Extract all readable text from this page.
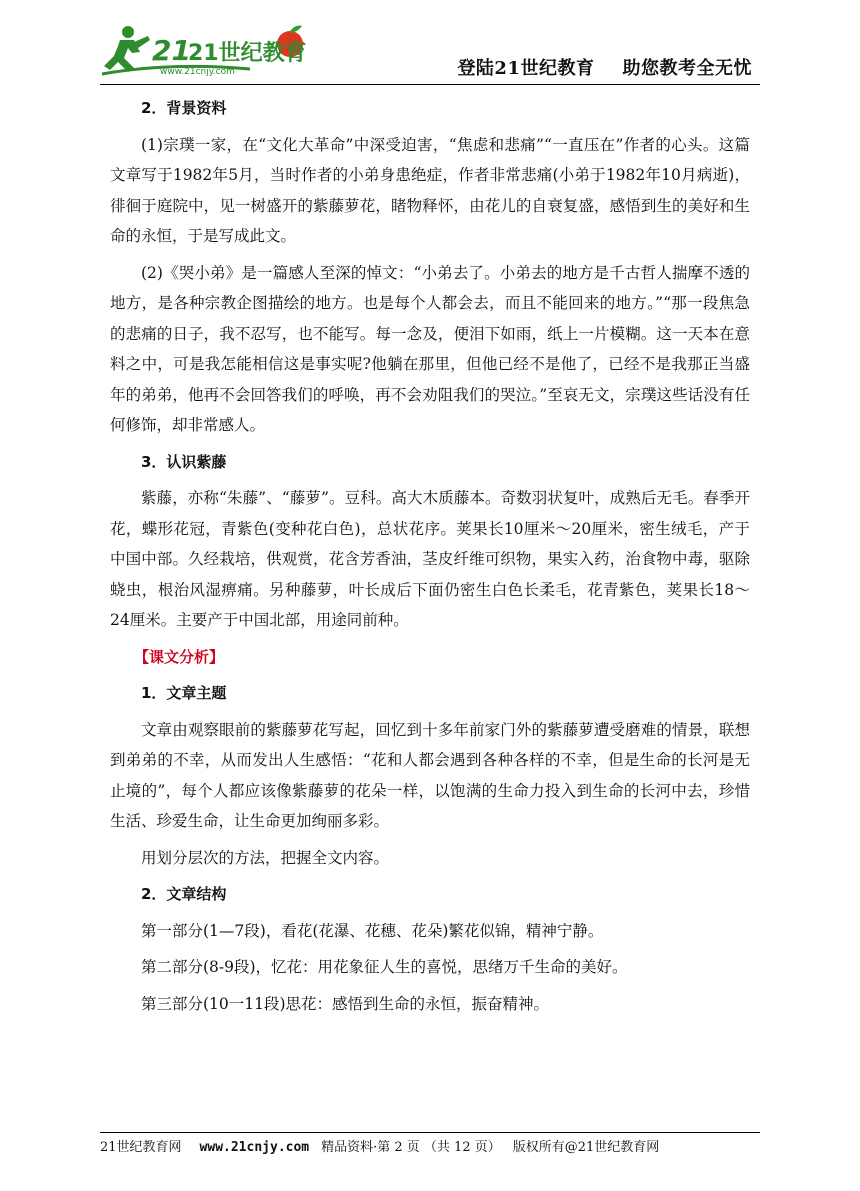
21
21世纪教育
www.21cnjy.com	登陆21世纪教育 助您教考全无忧

2．背景资料

(1)宗璞一家，在“文化大革命”中深受迫害，“焦虑和悲痛”“一直压在”作者的心头。这篇文章写于1982年5月，当时作者的小弟身患绝症，作者非常悲痛(小弟于1982年10月病逝)，徘徊于庭院中，见一树盛开的紫藤萝花，睹物释怀，由花儿的自衰复盛，感悟到生的美好和生命的永恒，于是写成此文。

(2)《哭小弟》是一篇感人至深的悼文：“小弟去了。小弟去的地方是千古哲人揣摩不透的地方，是各种宗教企图描绘的地方。也是每个人都会去，而且不能回来的地方。”“那一段焦急的悲痛的日子，我不忍写，也不能写。每一念及，便泪下如雨，纸上一片模糊。这一天本在意料之中，可是我怎能相信这是事实呢?他躺在那里，但他已经不是他了，已经不是我那正当盛年的弟弟，他再不会回答我们的呼唤，再不会劝阻我们的哭泣。”至哀无文，宗璞这些话没有任何修饰，却非常感人。

3．认识紫藤

紫藤，亦称“朱藤”、“藤萝”。豆科。高大木质藤本。奇数羽状复叶，成熟后无毛。春季开花，蝶形花冠，青紫色(变种花白色)，总状花序。荚果长10厘米～20厘米，密生绒毛，产于中国中部。久经栽培，供观赏，花含芳香油，茎皮纤维可织物，果实入药，治食物中毒，驱除蛲虫，根治风湿痹痛。另种藤萝，叶长成后下面仍密生白色长柔毛，花青紫色，荚果长18～24厘米。主要产于中国北部，用途同前种。

【课文分析】

1．文章主题

文章由观察眼前的紫藤萝花写起，回忆到十多年前家门外的紫藤萝遭受磨难的情景，联想到弟弟的不幸，从而发出人生感悟：“花和人都会遇到各种各样的不幸，但是生命的长河是无止境的”，每个人都应该像紫藤萝的花朵一样，以饱满的生命力投入到生命的长河中去，珍惜生活、珍爱生命，让生命更加绚丽多彩。

用划分层次的方法，把握全文内容。

2．文章结构

第一部分(1—7段)，看花(花瀑、花穗、花朵)繁花似锦，精神宁静。

第二部分(8-9段)，忆花：用花象征人生的喜悦，思绪万千生命的美好。

第三部分(10一11段)思花：感悟到生命的永恒，振奋精神。

21世纪教育网 www.21cnjy.com 精品资料·第 2 页 （共 12 页） 版权所有@21世纪教育网
